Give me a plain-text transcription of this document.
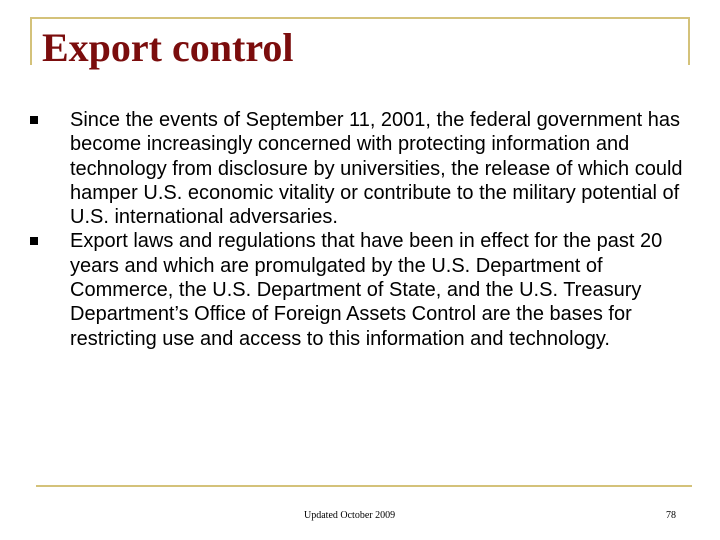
Export control
Since the events of September 11, 2001, the federal government has become increasingly concerned with protecting information and technology from disclosure by universities, the release of which could hamper U.S. economic vitality or contribute to the military potential of U.S. international adversaries.
Export laws and regulations that have been in effect for the past 20 years and which are promulgated by the U.S. Department of Commerce, the U.S. Department of State, and the U.S. Treasury Department’s Office of Foreign Assets Control are the bases for restricting use and access to this information and technology.

Updated October 2009	78
